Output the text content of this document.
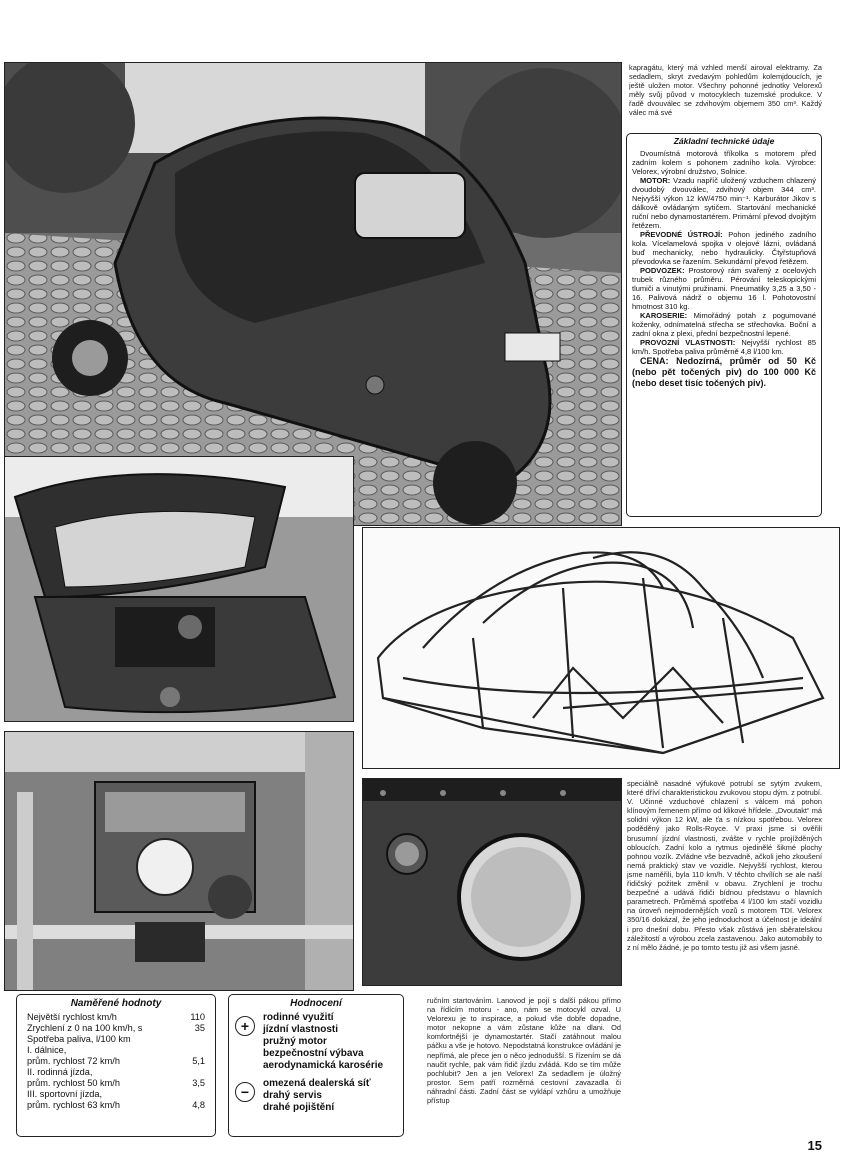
kapragátu, který má vzhled menší airoval elektramy. Za sedadlem, skryt zvedavým pohledům kolemjdoucích, je ještě uložen motor. Všechny pohonné jednotky Velorexů měly svůj původ v motocyklech tuzemské produkce. V řadě dvouválec se zdvihovým objemem 350 cm³. Každý válec má své
Základní technické údaje

Dvoumístná motorová tříkolka s motorem před zadním kolem s pohonem zadního kola. Výrobce: Velorex, výrobní družstvo, Solnice.

MOTOR: Vzadu napříč uložený vzduchem chlazený dvoudobý dvouválec, zdvihový objem 344 cm³. Nejvyšší výkon 12 kW/4750 min⁻¹. Karburátor Jikov s dálkově ovládaným sytičem. Startování mechanické ruční nebo dynamostartérem. Primární převod dvojitým řetězem.

PŘEVODNÉ ÚSTROJÍ: Pohon jediného zadního kola. Vícelamelová spojka v olejové lázni, ovládaná buď mechanicky, nebo hydraulicky. Čtyřstupňová převodovka se řazením. Sekundární převod řetězem.

PODVOZEK: Prostorový rám svařený z ocelových trubek různého průměru. Pérování teleskopickými tlumiči a vinutými pružinami. Pneumatiky 3,25 a 3,50 - 16. Palivová nádrž o objemu 16 l. Pohotovostní hmotnost 310 kg.

KAROSERIE: Mimořádný potah z pogumované koženky, odnímatelná střecha se střechovka. Boční a zadní okna z plexi, přední bezpečnostní lepené.

PROVOZNÍ VLASTNOSTI: Nejvyšší rychlost 85 km/h. Spotřeba paliva průměrně 4,8 l/100 km.

CENA: Nedozírná, průměr od 50 Kč (nebo pět točených piv) do 100 000 Kč (nebo deset tisíc točených piv).

speciálně nasadné výfukové potrubí se sytým zvukem, které dříví charakteristickou zvukovou stopu dým. z potrubí. V. Učinné vzduchové chlazení s válcem má pohon klínovým řemenem přímo od klikové hřídele. „Dvoutakt“ má solidní výkon 12 kW, ale ťa s nízkou spotřebou. Velorex poděděný jako Rolls-Royce. V praxi jsme si ověřili brusumní jízdní vlastnosti, zvášte v rychle projížděných obloucích. Zadní kolo a rytmus ojedinělé šikmé plochy pohnou vozík. Zvládne vše bezvadně, ačkoli jeho zkoušení nemá praktický stav ve vozidle. Nejvyšší rychlost, kterou jsme naměřili, byla 110 km/h. V těchto chvílích se ale naší řidičský požitek změnil v obavu. Zrychlení je trochu bezpečné a udává řidiči bídnou představu o hlavních parametrech. Průměrná spotřeba 4 l/100 km stačí vozidlu na úroveň nejmodernějších vozů s motorem TDI. Velorex 350/16 dokázal, že jeho jednoduchost a účelnost je ideální i pro dnešní dobu. Přesto však zůstává jen sběratelskou záležitostí a výrobou zcela zastavenou. Jako automobily to z ní mělo žádné, je po tomto testu již asi všem jasné.
Naměřené hodnoty
Největší rychlost km/h	110
Zrychlení z 0 na 100 km/h, s	35
Spotřeba paliva, l/100 km	
I. dálnice,	
prům. rychlost 72 km/h	5,1
II. rodinná jízda,	
prům. rychlost 50 km/h	3,5
III. sportovní jízda,	
prům. rychlost 63 km/h	4,8
Hodnocení
+
rodinné využití
jízdní vlastnosti
pružný motor
bezpečnostní výbava
aerodynamická karosérie
−
omezená dealerská síť
drahý servis
drahé pojištění
ručním startováním. Lanovod je pojí s další pákou přímo na řídícím motoru - ano, nám se motocykl ozval. U Velorexu je to inspirace, a pokud vše dobře dopadne, motor nekopne a vám zůstane kůže na dlani. Od komfortnější je dynamostartér. Stačí zatáhnout malou páčku a vše je hotovo. Nepodstatná konstrukce ovládání je nepřímá, ale přece jen o něco jednodušší. S řízením se dá naučit rychle, pak vám řidič jízdu zvládá. Kdo se tím může pochlubit? Jen a jen Velorex! Za sedadlem je úložný prostor. Sem patří rozměrná cestovní zavazadla či náhradní části. Zadní část se vyklápí vzhůru a umožňuje přístup
15
